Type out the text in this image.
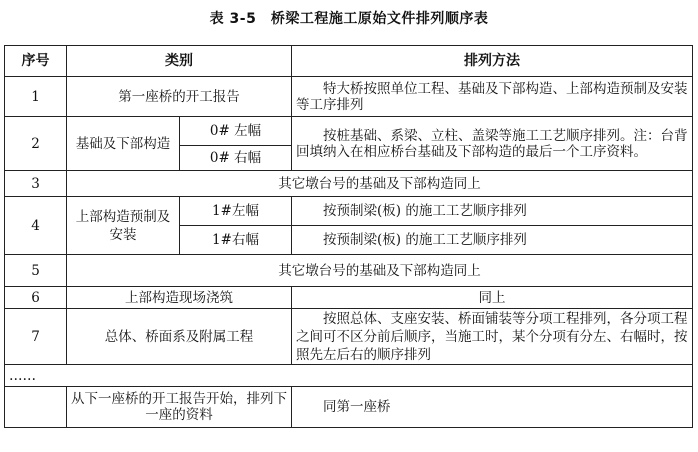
表 3-5　桥梁工程施工原始文件排列顺序表
序号	类别		排列方法
1	第一座桥的开工报告		特大桥按照单位工程、基础及下部构造、上部构造预制及安装等工序排列
2	基础及下部构造	0# 左幅	按桩基础、系梁、立柱、盖梁等施工工艺顺序排列。注：台背回填纳入在相应桥台基础及下部构造的最后一个工序资料。
		0# 右幅	
3	其它墩台号的基础及下部构造同上		
4	上部构造预制及安装	1#左幅	按预制梁(板) 的施工工艺顺序排列
		1#右幅	按预制梁(板) 的施工工艺顺序排列
5	其它墩台号的基础及下部构造同上		
6	上部构造现场浇筑		同上
7	总体、桥面系及附属工程		按照总体、支座安装、桥面铺装等分项工程排列，各分项工程之间可不区分前后顺序，当施工时，某个分项有分左、右幅时，按照先左后右的顺序排列
……			
	从下一座桥的开工报告开始，排列下一座的资料		同第一座桥
